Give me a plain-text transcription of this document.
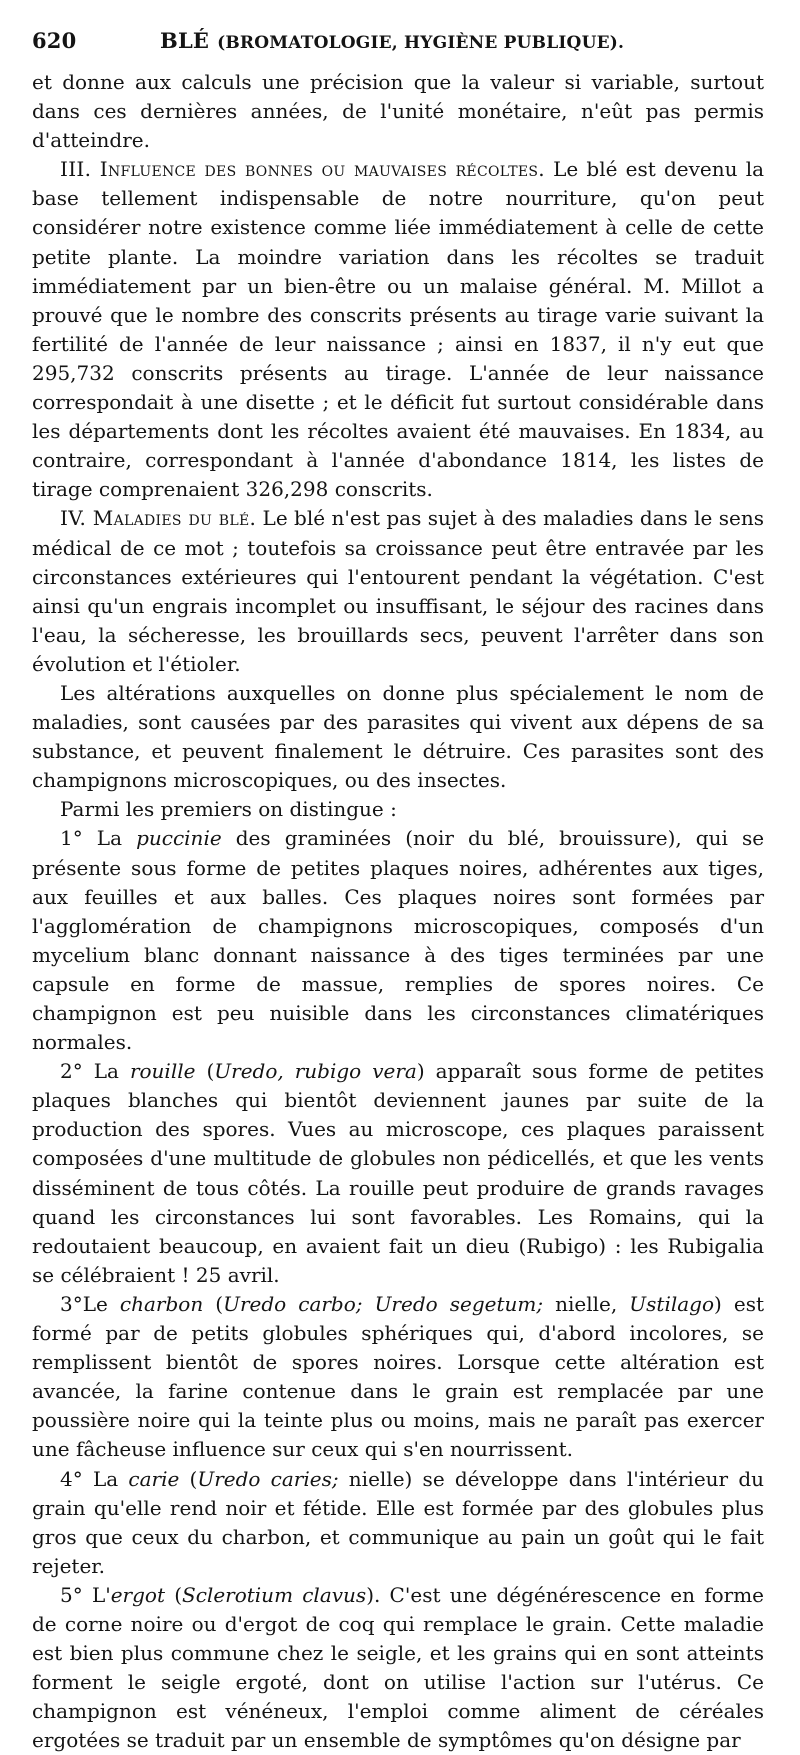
620	BLÉ (BROMATOLOGIE, HYGIÈNE PUBLIQUE).

et donne aux calculs une précision que la valeur si variable, surtout dans ces dernières années, de l'unité monétaire, n'eût pas permis d'atteindre.

III. Influence des bonnes ou mauvaises récoltes. Le blé est devenu la base tellement indispensable de notre nourriture, qu'on peut considérer notre existence comme liée immédiatement à celle de cette petite plante. La moindre variation dans les récoltes se traduit immédiatement par un bien-être ou un malaise général. M. Millot a prouvé que le nombre des conscrits présents au tirage varie suivant la fertilité de l'année de leur naissance ; ainsi en 1837, il n'y eut que 295,732 conscrits présents au tirage. L'année de leur naissance correspondait à une disette ; et le déficit fut surtout considérable dans les départements dont les récoltes avaient été mauvaises. En 1834, au contraire, correspondant à l'année d'abondance 1814, les listes de tirage comprenaient 326,298 conscrits.

IV. Maladies du blé. Le blé n'est pas sujet à des maladies dans le sens médical de ce mot ; toutefois sa croissance peut être entravée par les circonstances extérieures qui l'entourent pendant la végétation. C'est ainsi qu'un engrais incomplet ou insuffisant, le séjour des racines dans l'eau, la sécheresse, les brouillards secs, peuvent l'arrêter dans son évolution et l'étioler.

Les altérations auxquelles on donne plus spécialement le nom de maladies, sont causées par des parasites qui vivent aux dépens de sa substance, et peuvent finalement le détruire. Ces parasites sont des champignons microscopiques, ou des insectes.

Parmi les premiers on distingue :

1° La puccinie des graminées (noir du blé, brouissure), qui se présente sous forme de petites plaques noires, adhérentes aux tiges, aux feuilles et aux balles. Ces plaques noires sont formées par l'agglomération de champignons microscopiques, composés d'un mycelium blanc donnant naissance à des tiges terminées par une capsule en forme de massue, remplies de spores noires. Ce champignon est peu nuisible dans les circonstances climatériques normales.

2° La rouille (Uredo, rubigo vera) apparaît sous forme de petites plaques blanches qui bientôt deviennent jaunes par suite de la production des spores. Vues au microscope, ces plaques paraissent composées d'une multitude de globules non pédicellés, et que les vents disséminent de tous côtés. La rouille peut produire de grands ravages quand les circonstances lui sont favorables. Les Romains, qui la redoutaient beaucoup, en avaient fait un dieu (Rubigo) : les Rubigalia se célébraient ! 25 avril.

3°Le charbon (Uredo carbo; Uredo segetum; nielle, Ustilago) est formé par de petits globules sphériques qui, d'abord incolores, se remplissent bientôt de spores noires. Lorsque cette altération est avancée, la farine contenue dans le grain est remplacée par une poussière noire qui la teinte plus ou moins, mais ne paraît pas exercer une fâcheuse influence sur ceux qui s'en nourrissent.

4° La carie (Uredo caries; nielle) se développe dans l'intérieur du grain qu'elle rend noir et fétide. Elle est formée par des globules plus gros que ceux du charbon, et communique au pain un goût qui le fait rejeter.

5° L'ergot (Sclerotium clavus). C'est une dégénérescence en forme de corne noire ou d'ergot de coq qui remplace le grain. Cette maladie est bien plus commune chez le seigle, et les grains qui en sont atteints forment le seigle ergoté, dont on utilise l'action sur l'utérus. Ce champignon est vénéneux, l'emploi comme aliment de céréales ergotées se traduit par un ensemble de symptômes qu'on désigne par
